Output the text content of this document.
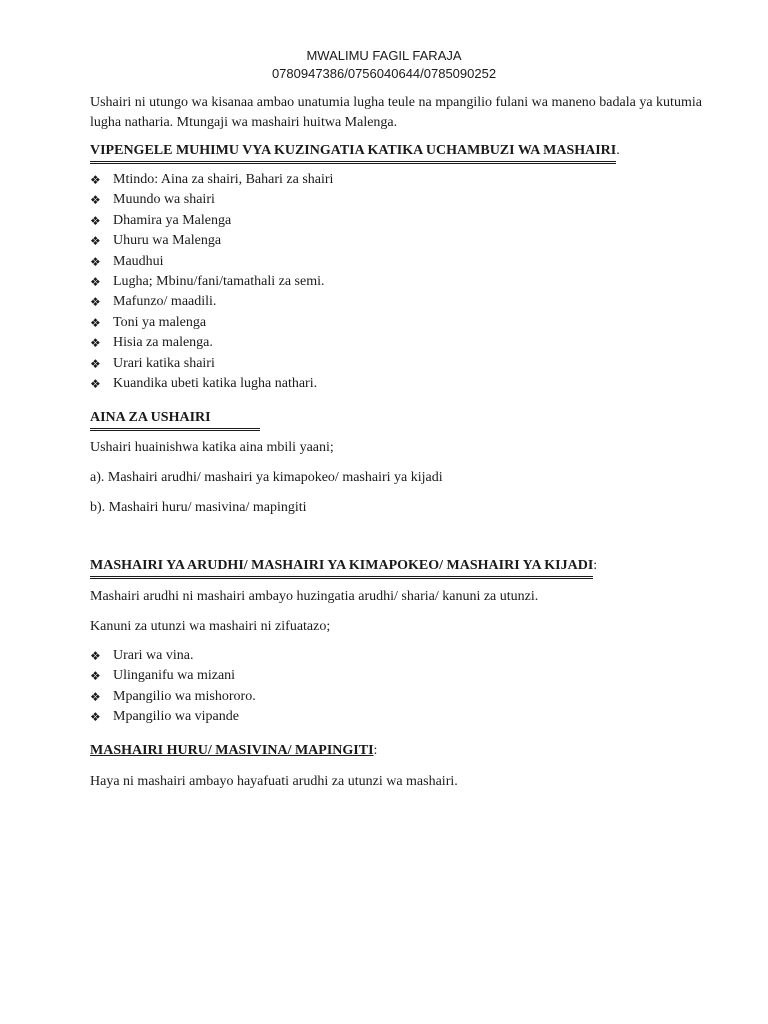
MWALIMU FAGIL FARAJA
0780947386/0756040644/0785090252

Ushairi ni utungo wa kisanaa ambao unatumia lugha teule na mpangilio fulani wa maneno badala ya kutumia lugha natharia. Mtungaji wa mashairi huitwa Malenga.

VIPENGELE MUHIMU VYA KUZINGATIA KATIKA UCHAMBUZI WA MASHAIRI.
❖ Mtindo: Aina za shairi, Bahari za shairi
❖ Muundo wa shairi
❖ Dhamira ya Malenga
❖ Uhuru wa Malenga
❖ Maudhui
❖ Lugha; Mbinu/fani/tamathali za semi.
❖ Mafunzo/ maadili.
❖ Toni ya malenga
❖ Hisia za malenga.
❖ Urari katika shairi
❖ Kuandika ubeti katika lugha nathari.
AINA ZA USHAIRI    
Ushairi huainishwa katika aina mbili yaani;
a). Mashairi arudhi/ mashairi ya kimapokeo/ mashairi ya kijadi
b). Mashairi huru/ masivina/ mapingiti
MASHAIRI YA ARUDHI/ MASHAIRI YA KIMAPOKEO/ MASHAIRI YA KIJADI:
Mashairi arudhi ni mashairi ambayo huzingatia arudhi/ sharia/ kanuni za utunzi.
Kanuni za utunzi wa mashairi ni zifuatazo;
❖ Urari wa vina.
❖ Ulinganifu wa mizani
❖ Mpangilio wa mishororo.
❖ Mpangilio wa vipande
MASHAIRI HURU/ MASIVINA/ MAPINGITI:
Haya ni mashairi ambayo hayafuati arudhi za utunzi wa mashairi.
